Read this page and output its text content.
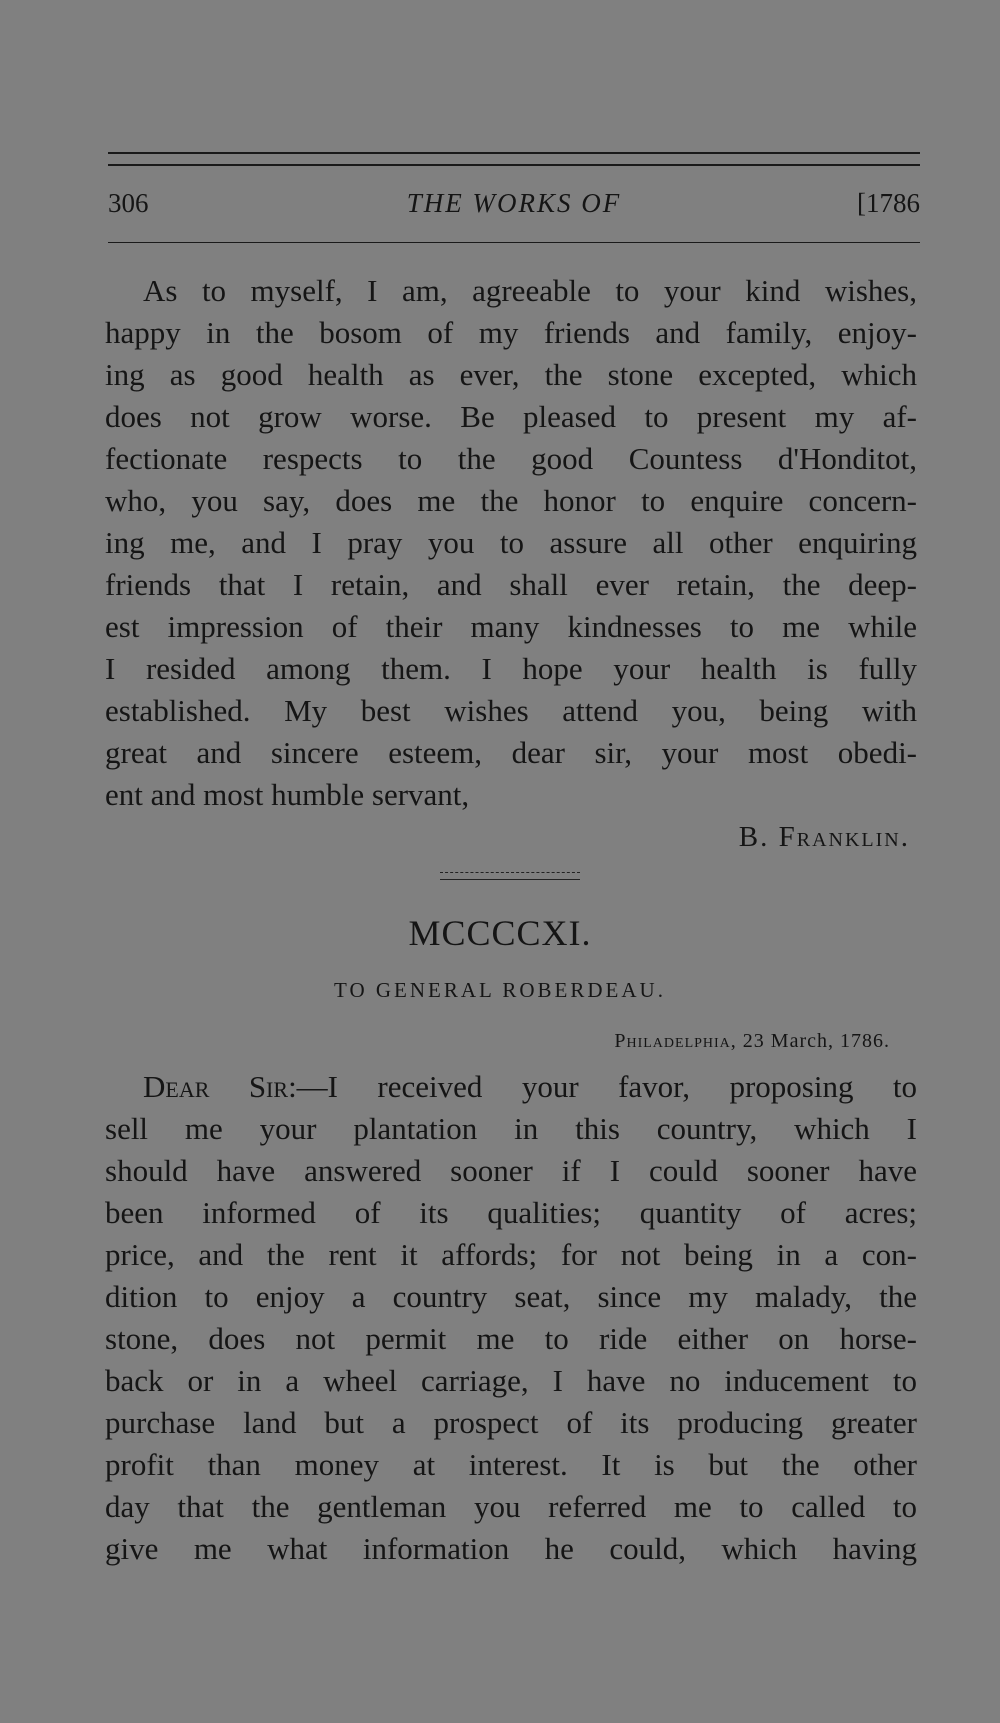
306	THE WORKS OF	[1786
As to myself, I am, agreeable to your kind wishes,
happy in the bosom of my friends and family, enjoy-
ing as good health as ever, the stone excepted, which
does not grow worse. Be pleased to present my af-
fectionate respects to the good Countess d'Honditot,
who, you say, does me the honor to enquire concern-
ing me, and I pray you to assure all other enquiring
friends that I retain, and shall ever retain, the deep-
est impression of their many kindnesses to me while
I resided among them. I hope your health is fully
established. My best wishes attend you, being with
great and sincere esteem, dear sir, your most obedi-
ent and most humble servant,
B. Franklin.
MCCCCXI.
TO GENERAL ROBERDEAU.
Philadelphia, 23 March, 1786.
Dear Sir:—I received your favor, proposing to
sell me your plantation in this country, which I
should have answered sooner if I could sooner have
been informed of its qualities; quantity of acres;
price, and the rent it affords; for not being in a con-
dition to enjoy a country seat, since my malady, the
stone, does not permit me to ride either on horse-
back or in a wheel carriage, I have no inducement to
purchase land but a prospect of its producing greater
profit than money at interest. It is but the other
day that the gentleman you referred me to called to
give me what information he could, which having
